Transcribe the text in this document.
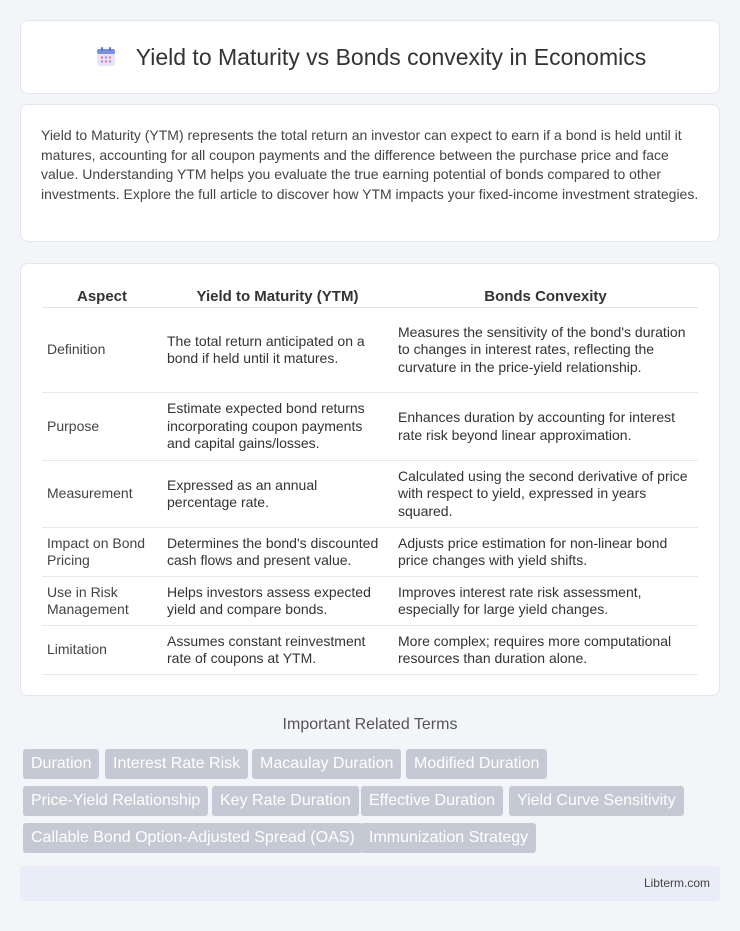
Yield to Maturity vs Bonds convexity in Economics

Yield to Maturity (YTM) represents the total return an investor can expect to earn if a bond is held until it matures, accounting for all coupon payments and the difference between the purchase price and face value. Understanding YTM helps you evaluate the true earning potential of bonds compared to other investments. Explore the full article to discover how YTM impacts your fixed-income investment strategies.

Aspect	Yield to Maturity (YTM)	Bonds Convexity
Definition	The total return anticipated on a bond if held until it matures.	Measures the sensitivity of the bond's duration to changes in interest rates, reflecting the curvature in the price-yield relationship.
Purpose	Estimate expected bond returns incorporating coupon payments and capital gains/losses.	Enhances duration by accounting for interest rate risk beyond linear approximation.
Measurement	Expressed as an annual percentage rate.	Calculated using the second derivative of price with respect to yield, expressed in years squared.
Impact on Bond Pricing	Determines the bond's discounted cash flows and present value.	Adjusts price estimation for non-linear bond price changes with yield shifts.
Use in Risk Management	Helps investors assess expected yield and compare bonds.	Improves interest rate risk assessment, especially for large yield changes.
Limitation	Assumes constant reinvestment rate of coupons at YTM.	More complex; requires more computational resources than duration alone.
Important Related Terms
Duration	Interest Rate Risk	Macaulay Duration	Modified Duration
Price-Yield Relationship	Key Rate Duration	Effective Duration	Yield Curve Sensitivity
Callable Bond Option-Adjusted Spread (OAS) Immunization Strategy
Libterm.com
